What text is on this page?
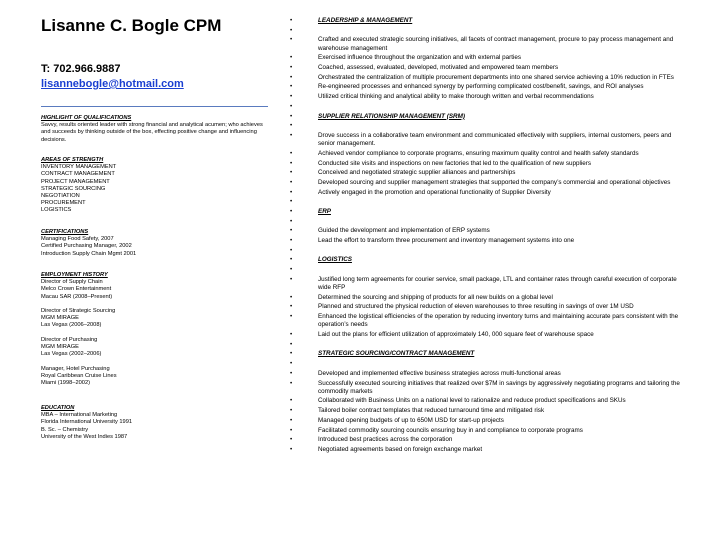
Lisanne C. Bogle CPM
T: 702.966.9887
lisannebogle@hotmail.com
HIGHLIGHT OF QUALIFICATIONS
Savvy, results oriented leader with strong financial and analytical acumen; who achieves
and succeeds by thinking outside of the box, effecting positive change and influencing
decisions.
AREAS OF STRENGTH
INVENTORY MANAGEMENT
CONTRACT MANAGEMENT
PROJECT MANAGEMENT
STRATEGIC SOURCING
NEGOTIATION
PROCUREMENT
LOGISTICS
CERTIFICATIONS
Managing Food Safety, 2007
Certified Purchasing Manager, 2002
Introduction Supply Chain Mgmt 2001
EMPLOYMENT HISTORY
Director of Supply Chain
Melco Crown Entertainment
Macau SAR (2008–Present)
Director of Strategic Sourcing
MGM MIRAGE
Las Vegas (2006–2008)
Director of Purchasing
MGM MIRAGE
Las Vegas (2002–2006)
Manager, Hotel Purchasing
Royal Caribbean Cruise Lines
Miami (1998–2002)
EDUCATION
MBA – International Marketing
Florida International University 1991
B. Sc. – Chemistry
University of the West Indies 1987
•	LEADERSHIP & MANAGEMENT
•
•	Crafted and executed strategic sourcing initiatives, all facets of contract management, procure to pay process management and warehouse management
•	Exercised influence throughout the organization and with external parties
•	Coached, assessed, evaluated, developed, motivated and empowered team members
•	Orchestrated the centralization of multiple procurement departments into one shared service achieving a 10% reduction in FTEs
•	Re-engineered processes and enhanced synergy by performing complicated cost/benefit, savings, and ROI analyses
•	Utilized critical thinking and analytical ability to make thorough written and verbal recommendations
•
•	SUPPLIER RELATIONSHIP MANAGEMENT (SRM)
•
•	Drove success in a collaborative team environment and communicated effectively with suppliers, internal customers, peers and senior management.
•	Achieved vendor compliance to corporate programs, ensuring maximum quality control and health safety standards
•	Conducted site visits and inspections on new factories that led to the qualification of new suppliers
•	Conceived and negotiated strategic supplier alliances and partnerships
•	Developed sourcing and supplier management strategies that supported the company’s commercial and operational objectives
•	Actively engaged in the promotion and operational functionality of Supplier Diversity
•
•	ERP
•
•	Guided the development and implementation of ERP systems
•	Lead the effort to transform three procurement and inventory management systems into one
•
•	LOGISTICS
•
•	Justified long term agreements for courier service, small package, LTL and container rates through careful execution of corporate wide RFP
•	Determined the sourcing and shipping of products for all new builds on a global level
•	Planned and structured the physical reduction of eleven warehouses to three resulting in savings of over 1M USD
•	Enhanced the logistical efficiencies of the operation by reducing inventory turns and maintaining accurate pars consistent with the operation’s needs
•	Laid out the plans for efficient utilization of approximately 140, 000 square feet of warehouse space
•
•	STRATEGIC SOURCING/CONTRACT MANAGEMENT
•
•	Developed and implemented effective business strategies across multi-functional areas
•	Successfully executed sourcing initiatives that realized over $7M in savings by aggressively negotiating programs and tailoring the commodity markets
•	Collaborated with Business Units on a national level to rationalize and reduce product specifications and SKUs
•	Tailored boiler contract templates that reduced turnaround time and mitigated risk
•	Managed opening budgets of up to 650M USD for start-up projects
•	Facilitated commodity sourcing councils ensuring buy in and compliance to corporate programs
•	Introduced best practices across the corporation
•	Negotiated agreements based on foreign exchange market
